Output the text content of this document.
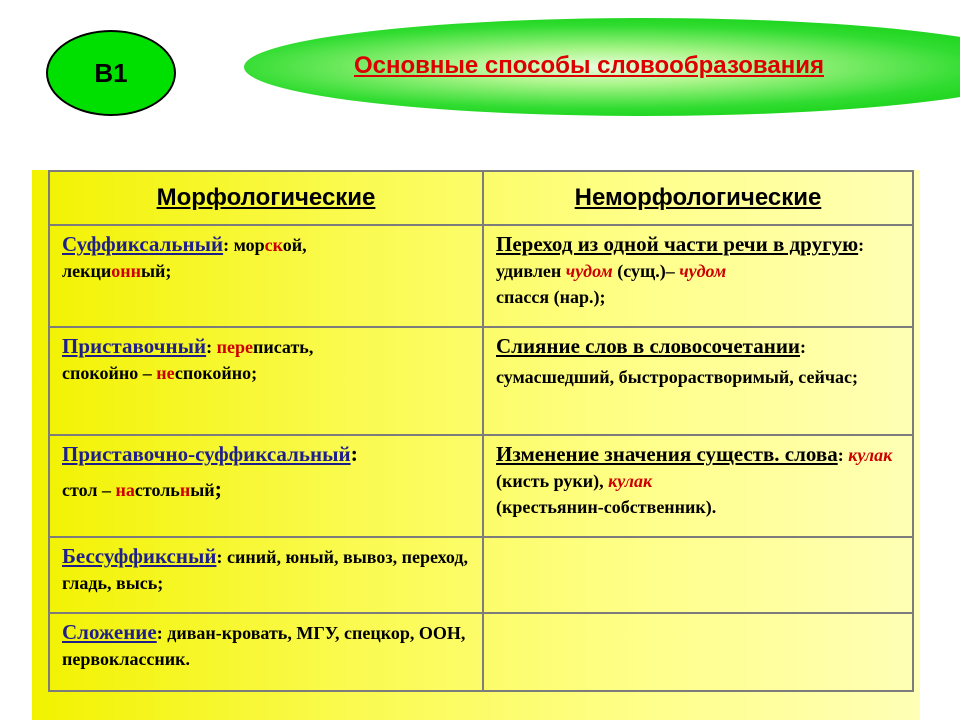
В1	Основные способы словообразования
Морфологические	Неморфологические
Суффиксальный: морской,
лекционный;
Переход из одной части речи в другую: удивлен чудом (сущ.)– чудом
спасся (нар.);
Приставочный: переписать,
спокойно – неспокойно;
Слияние слов в словосочетании:
сумасшедший, быстрорастворимый, сейчас;
Приставочно-суффиксальный:
стол – настольный;
Изменение значения существ. слова: кулак (кисть руки), кулак
(крестьянин-собственник).
Бессуффиксный: синий, юный, вывоз, переход, гладь, высь;
Сложение: диван-кровать, МГУ, спецкор, ООН, первоклассник.
